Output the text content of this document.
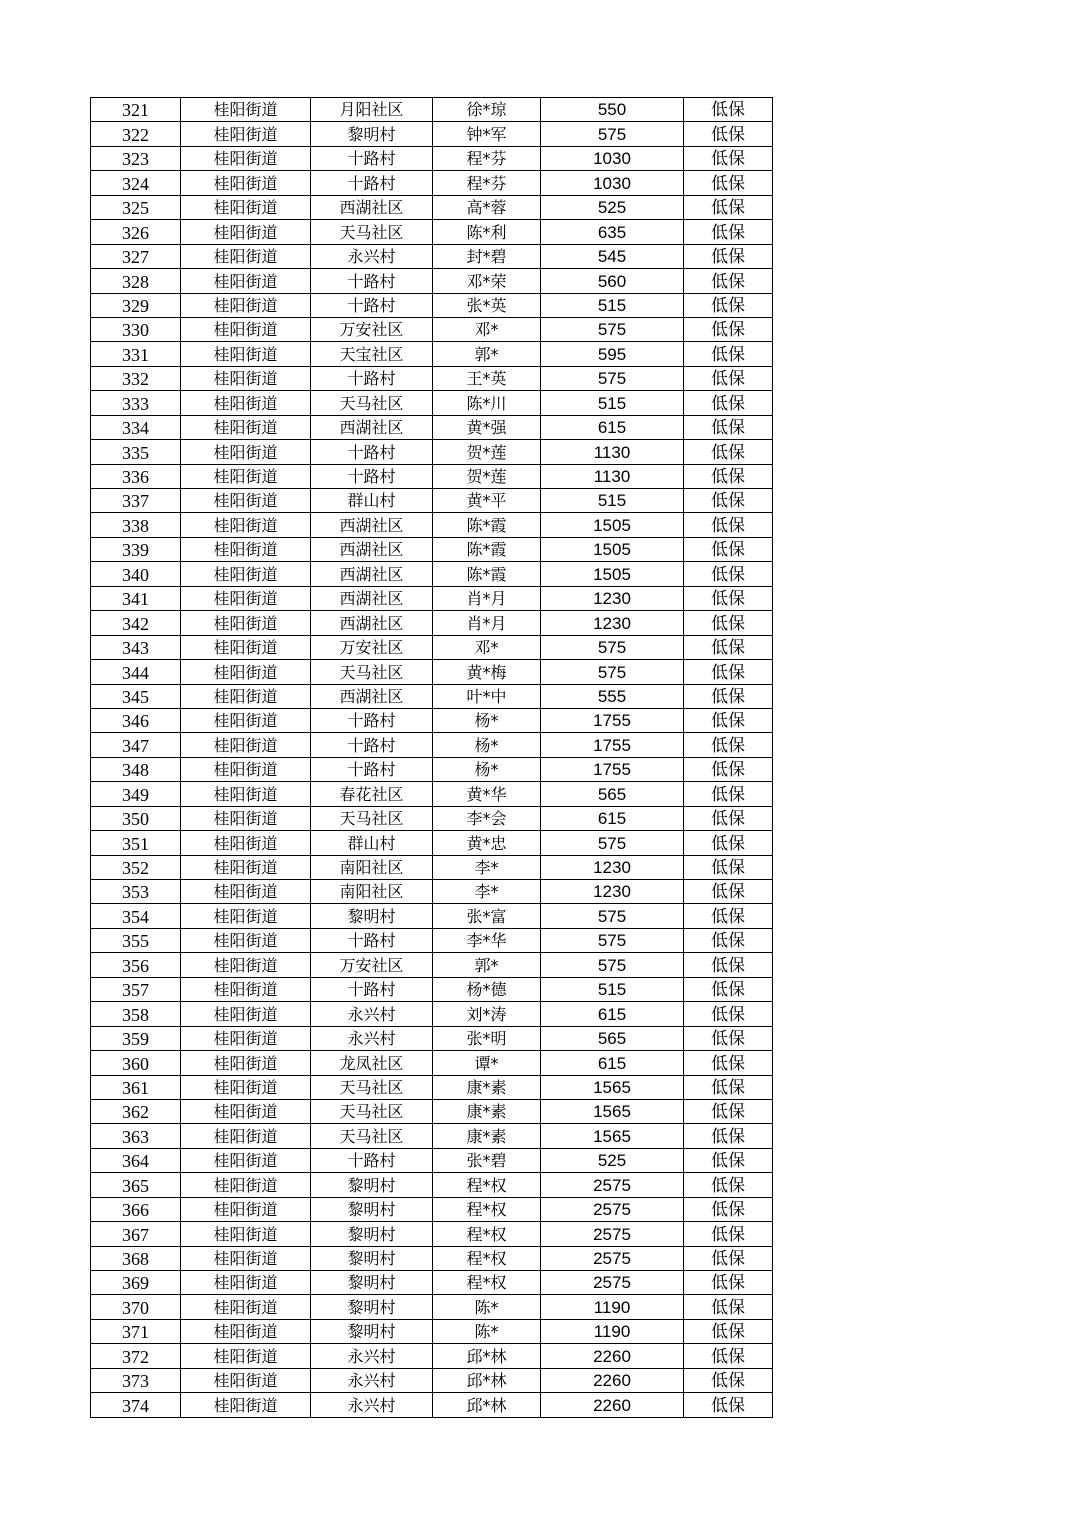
321	桂阳街道	月阳社区	徐*琼	550	低保
322	桂阳街道	黎明村	钟*军	575	低保
323	桂阳街道	十路村	程*芬	1030	低保
324	桂阳街道	十路村	程*芬	1030	低保
325	桂阳街道	西湖社区	高*蓉	525	低保
326	桂阳街道	天马社区	陈*利	635	低保
327	桂阳街道	永兴村	封*碧	545	低保
328	桂阳街道	十路村	邓*荣	560	低保
329	桂阳街道	十路村	张*英	515	低保
330	桂阳街道	万安社区	邓*	575	低保
331	桂阳街道	天宝社区	郭*	595	低保
332	桂阳街道	十路村	王*英	575	低保
333	桂阳街道	天马社区	陈*川	515	低保
334	桂阳街道	西湖社区	黄*强	615	低保
335	桂阳街道	十路村	贺*莲	1130	低保
336	桂阳街道	十路村	贺*莲	1130	低保
337	桂阳街道	群山村	黄*平	515	低保
338	桂阳街道	西湖社区	陈*霞	1505	低保
339	桂阳街道	西湖社区	陈*霞	1505	低保
340	桂阳街道	西湖社区	陈*霞	1505	低保
341	桂阳街道	西湖社区	肖*月	1230	低保
342	桂阳街道	西湖社区	肖*月	1230	低保
343	桂阳街道	万安社区	邓*	575	低保
344	桂阳街道	天马社区	黄*梅	575	低保
345	桂阳街道	西湖社区	叶*中	555	低保
346	桂阳街道	十路村	杨*	1755	低保
347	桂阳街道	十路村	杨*	1755	低保
348	桂阳街道	十路村	杨*	1755	低保
349	桂阳街道	春花社区	黄*华	565	低保
350	桂阳街道	天马社区	李*会	615	低保
351	桂阳街道	群山村	黄*忠	575	低保
352	桂阳街道	南阳社区	李*	1230	低保
353	桂阳街道	南阳社区	李*	1230	低保
354	桂阳街道	黎明村	张*富	575	低保
355	桂阳街道	十路村	李*华	575	低保
356	桂阳街道	万安社区	郭*	575	低保
357	桂阳街道	十路村	杨*德	515	低保
358	桂阳街道	永兴村	刘*涛	615	低保
359	桂阳街道	永兴村	张*明	565	低保
360	桂阳街道	龙凤社区	谭*	615	低保
361	桂阳街道	天马社区	康*素	1565	低保
362	桂阳街道	天马社区	康*素	1565	低保
363	桂阳街道	天马社区	康*素	1565	低保
364	桂阳街道	十路村	张*碧	525	低保
365	桂阳街道	黎明村	程*权	2575	低保
366	桂阳街道	黎明村	程*权	2575	低保
367	桂阳街道	黎明村	程*权	2575	低保
368	桂阳街道	黎明村	程*权	2575	低保
369	桂阳街道	黎明村	程*权	2575	低保
370	桂阳街道	黎明村	陈*	1190	低保
371	桂阳街道	黎明村	陈*	1190	低保
372	桂阳街道	永兴村	邱*林	2260	低保
373	桂阳街道	永兴村	邱*林	2260	低保
374	桂阳街道	永兴村	邱*林	2260	低保
